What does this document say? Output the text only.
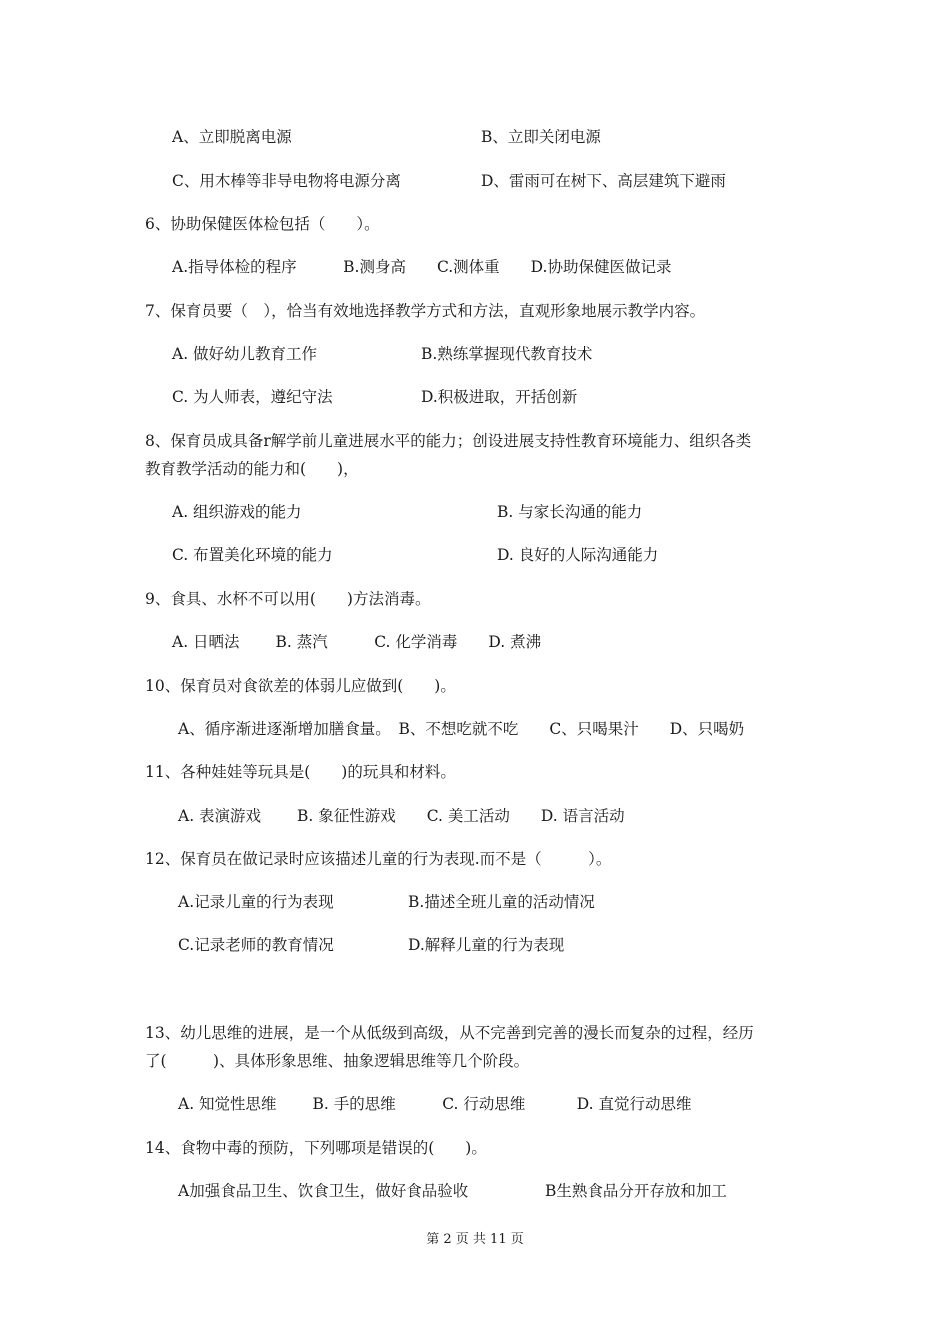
A、立即脱离电源	B、立即关闭电源
C、用木棒等非导电物将电源分离	D、雷雨可在树下、高层建筑下避雨
6、协助保健医体检包括（　　）。
A.指导体检的程序　　　B.测身高　　C.测体重　　D.协助保健医做记录
7、保育员要（　），恰当有效地选择教学方式和方法，直观形象地展示教学内容。
A. 做好幼儿教育工作	B.熟练掌握现代教育技术
C. 为人师表，遵纪守法	D.积极进取，开括创新
8、保育员成具备r解学前儿童进展水平的能力；创设进展支持性教育环境能力、组织各类
教育教学活动的能力和(　　)，
A. 组织游戏的能力	B. 与家长沟通的能力
C. 布置美化环境的能力	D. 良好的人际沟通能力
9、食具、水杯不可以用(　　)方法消毒。
A. 日晒法　　 B. 蒸汽　　　C. 化学消毒　　D. 煮沸
10、保育员对食欲差的体弱儿应做到(　　)。
A、循序渐进逐渐增加膳食量。　B、不想吃就不吃　　C、只喝果汁　　D、只喝奶
11、各种娃娃等玩具是(　　)的玩具和材料。
A. 表演游戏　　 B. 象征性游戏　　C. 美工活动　　D. 语言活动
12、保育员在做记录时应该描述儿童的行为表现.而不是（　　　）。
A.记录儿童的行为表现	B.描述全班儿童的活动情况
C.记录老师的教育情况	D.解释儿童的行为表现
13、幼儿思维的进展，是一个从低级到高级，从不完善到完善的漫长而复杂的过程，经历
了(　　　)、具体形象思维、抽象逻辑思维等几个阶段。
A. 知觉性思维　　 B. 手的思维　　　C. 行动思维　　　 D. 直觉行动思维
14、食物中毒的预防，下列哪项是错误的(　　)。
A加强食品卫生、饮食卫生，做好食品验收	B生熟食品分开存放和加工
第 2 页 共 11 页
